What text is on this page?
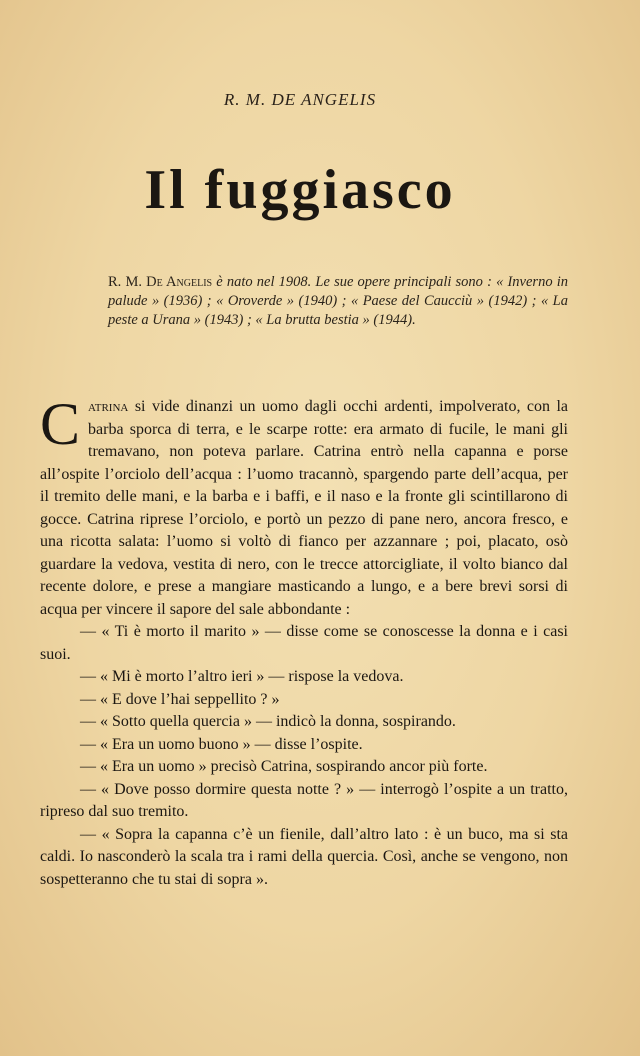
R. M. DE ANGELIS
Il fuggiasco
R. M. De Angelis è nato nel 1908. Le sue opere principali sono : « Inverno in palude » (1936) ; « Oroverde » (1940) ; « Paese del Caucciù » (1942) ; « La peste a Urana » (1943) ; « La brutta bestia » (1944).

Catrina si vide dinanzi un uomo dagli occhi ardenti, impolverato, con la barba sporca di terra, e le scarpe rotte: era armato di fucile, le mani gli tremavano, non poteva parlare. Catrina entrò nella capanna e porse all’ospite l’orciolo dell’acqua : l’uomo tracannò, spargendo parte dell’acqua, per il tremito delle mani, e la barba e i baffi, e il naso e la fronte gli scintillarono di gocce. Catrina riprese l’orciolo, e portò un pezzo di pane nero, ancora fresco, e una ricotta salata: l’uomo si voltò di fianco per azzannare ; poi, placato, osò guardare la vedova, vestita di nero, con le trecce attorcigliate, il volto bianco dal recente dolore, e prese a mangiare masticando a lungo, e a bere brevi sorsi di acqua per vincere il sapore del sale abbondante :

— « Ti è morto il marito » — disse come se conoscesse la donna e i casi suoi.

— « Mi è morto l’altro ieri » — rispose la vedova.

— « E dove l’hai seppellito ? »

— « Sotto quella quercia » — indicò la donna, sospirando.

— « Era un uomo buono » — disse l’ospite.

— « Era un uomo » precisò Catrina, sospirando ancor più forte.

— « Dove posso dormire questa notte ? » — interrogò l’ospite a un tratto, ripreso dal suo tremito.

— « Sopra la capanna c’è un fienile, dall’altro lato : è un buco, ma si sta caldi. Io nasconderò la scala tra i rami della quercia. Così, anche se vengono, non sospetteranno che tu stai di sopra ».
